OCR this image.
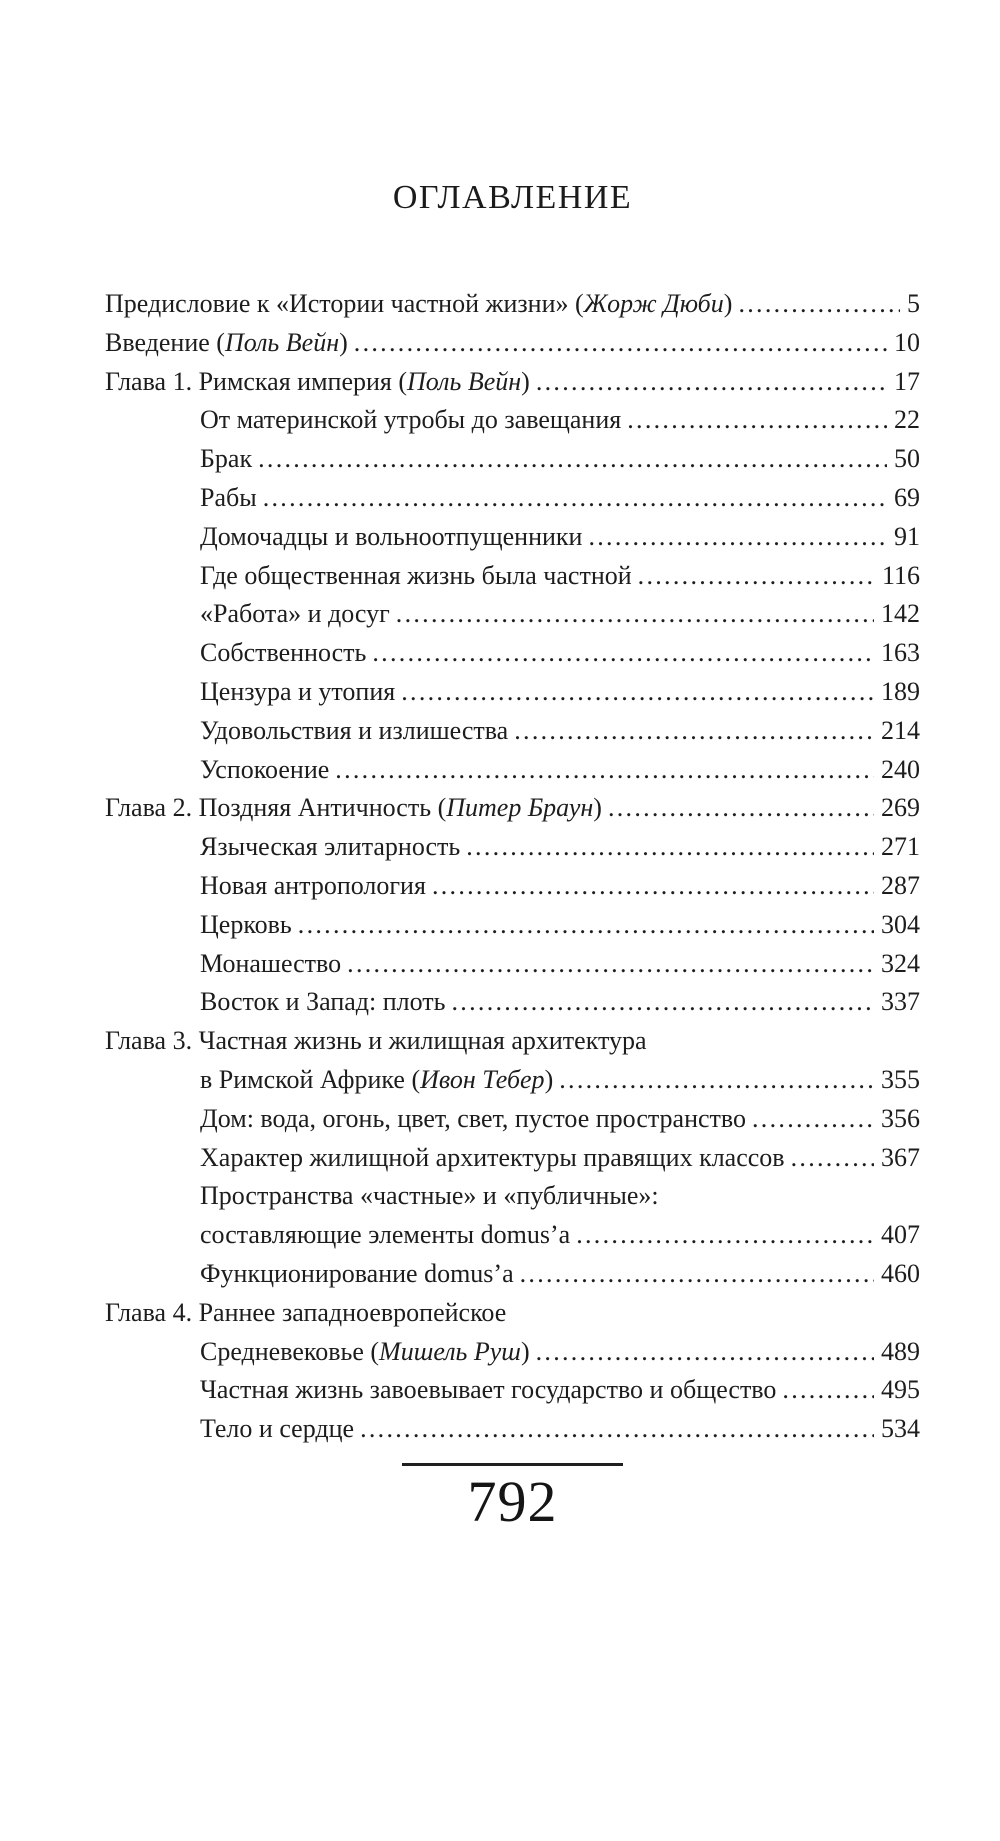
ОГЛАВЛЕНИЕ
Предисловие к «Истории частной жизни» (Жорж Дюби) .....	5
Введение (Поль Вейн) .....	10
Глава 1. Римская империя (Поль Вейн) .....	17
От материнской утробы до завещания .....	22
Брак .....	50
Рабы .....	69
Домочадцы и вольноотпущенники .....	91
Где общественная жизнь была частной .....	116
«Работа» и досуг .....	142
Собственность .....	163
Цензура и утопия .....	189
Удовольствия и излишества .....	214
Успокоение .....	240
Глава 2. Поздняя Античность (Питер Браун) .....	269
Языческая элитарность .....	271
Новая антропология .....	287
Церковь .....	304
Монашество .....	324
Восток и Запад: плоть .....	337
Глава 3. Частная жизнь и жилищная архитектура
в Римской Африке (Ивон Тебер) .....	355
Дом: вода, огонь, цвет, свет, пустое пространство .....	356
Характер жилищной архитектуры правящих классов .....	367
Пространства «частные» и «публичные»:
составляющие элементы domus’a .....	407
Функционирование domus’a .....	460
Глава 4. Раннее западноевропейское
Средневековье (Мишель Руш) .....	489
Частная жизнь завоевывает государство и общество .....	495
Тело и сердце .....	534
792
